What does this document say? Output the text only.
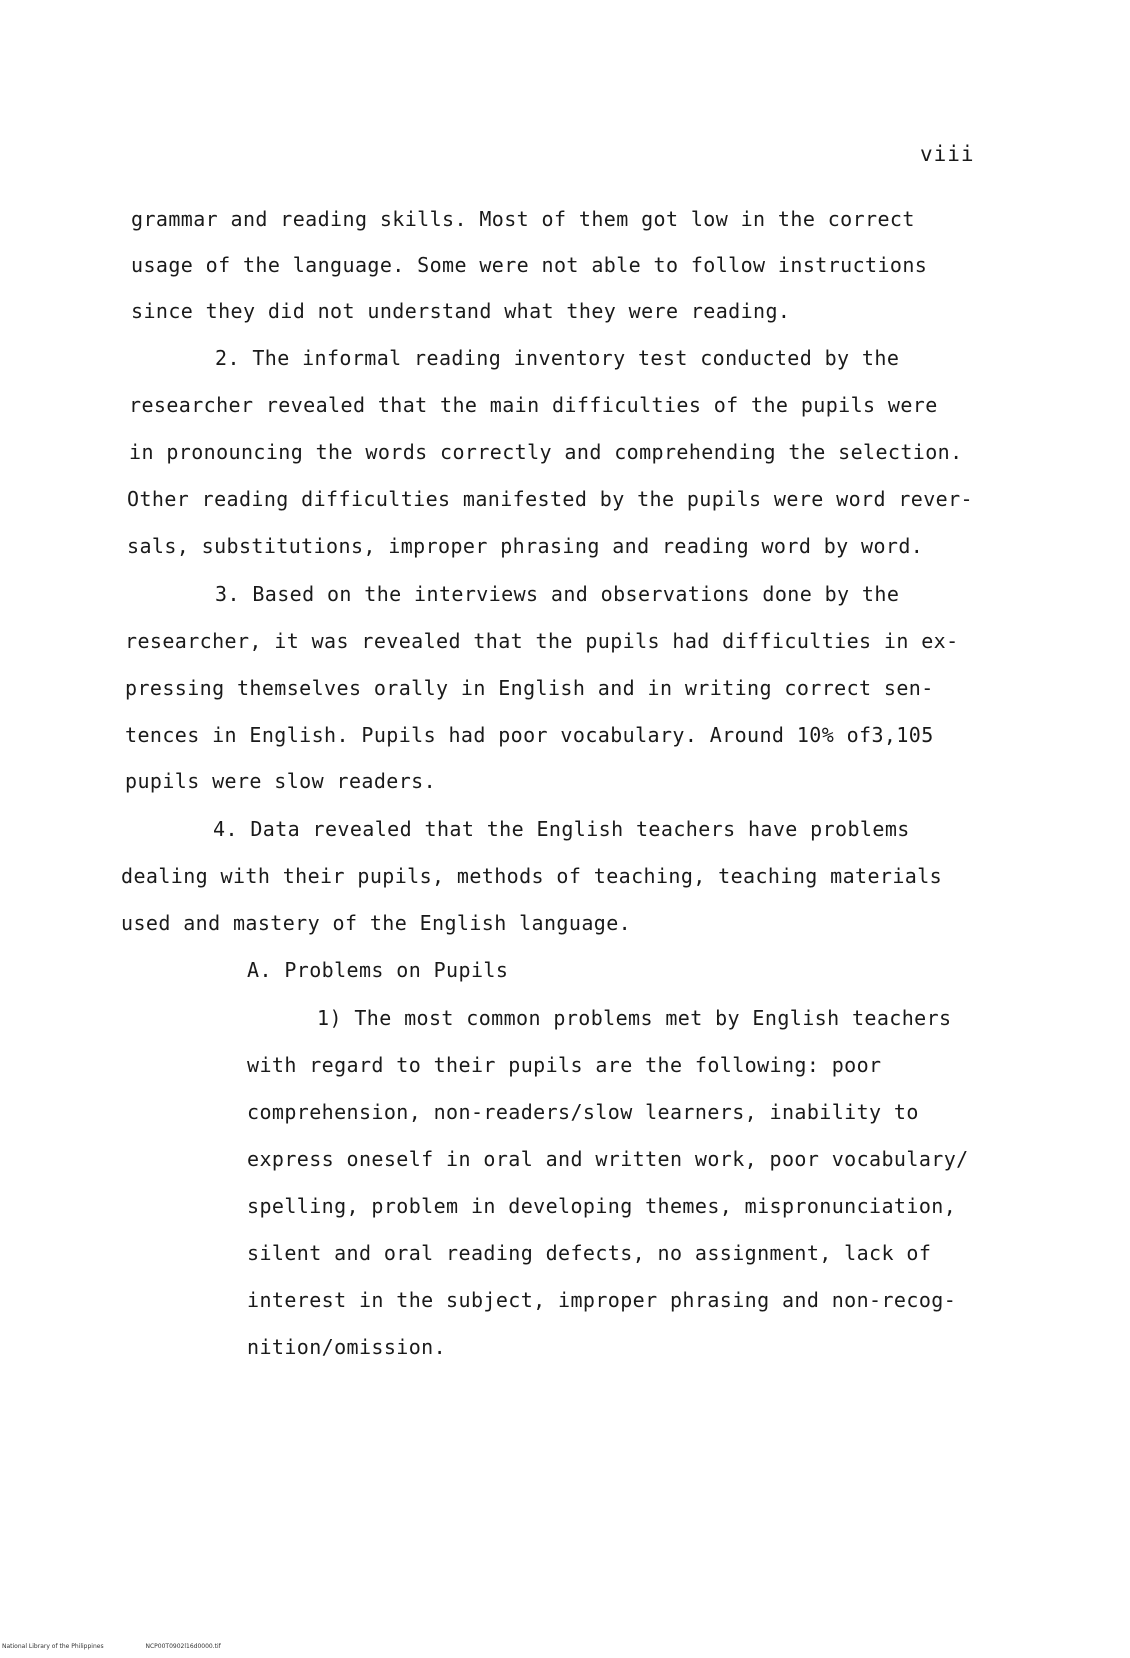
viii
grammar and reading skills. Most of them got low in the correct
usage of the language. Some were not able to follow instructions
since they did not understand what they were reading.
2. The informal reading inventory test conducted by the
researcher revealed that the main difficulties of the pupils were
in pronouncing the words correctly and comprehending the selection.
Other reading difficulties manifested by the pupils were word rever-
sals, substitutions, improper phrasing and reading word by word.
3. Based on the interviews and observations done by the
researcher, it was revealed that the pupils had difficulties in ex-
pressing themselves orally in English and in writing correct sen-
tences in English. Pupils had poor vocabulary. Around 10% of3,105
pupils were slow readers.
4. Data revealed that the English teachers have problems
dealing with their pupils, methods of teaching, teaching materials
used and mastery of the English language.
A. Problems on Pupils
1) The most common problems met by English teachers
with regard to their pupils are the following: poor
comprehension, non-readers/slow learners, inability to
express oneself in oral and written work, poor vocabulary/
spelling, problem in developing themes, mispronunciation,
silent and oral reading defects, no assignment, lack of
interest in the subject, improper phrasing and non-recog-
nition/omission.
National Library of the Philippines	NCP00T0902l16d0000.tif
